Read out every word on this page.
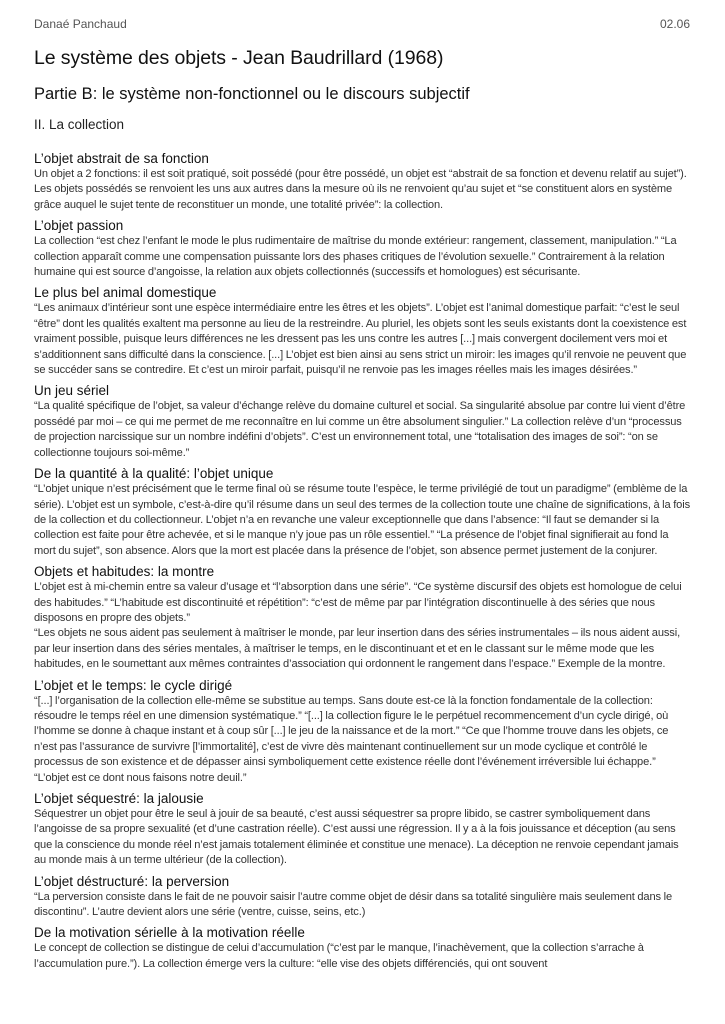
Danaé Panchaud	02.06
Le système des objets - Jean Baudrillard (1968)
Partie B: le système non-fonctionnel ou le discours subjectif
II. La collection
L’objet abstrait de sa fonction

Un objet a 2 fonctions: il est soit pratiqué, soit possédé (pour être possédé, un objet est “abstrait de sa fonction et devenu relatif au sujet”). Les objets possédés se renvoient les uns aux autres dans la mesure où ils ne renvoient qu’au sujet et “se constituent alors en système grâce auquel le sujet tente de reconstituer un monde, une totalité privée”: la collection.

L’objet passion

La collection “est chez l’enfant le mode le plus rudimentaire de maîtrise du monde extérieur: rangement, classement, manipulation.” “La collection apparaît comme une compensation puissante lors des phases critiques de l’évolution sexuelle.” Contrairement à la relation humaine qui est source d’angoisse, la relation aux objets collectionnés (successifs et homologues) est sécurisante.

Le plus bel animal domestique

“Les animaux d’intérieur sont une espèce intermédiaire entre les êtres et les objets”. L’objet est l’animal domestique parfait: “c’est le seul “être” dont les qualités exaltent ma personne au lieu de la restreindre. Au pluriel, les objets sont les seuls existants dont la coexistence est vraiment possible, puisque leurs différences ne les dressent pas les uns contre les autres [...] mais convergent docilement vers moi et s’additionnent sans difficulté dans la conscience. [...] L’objet est bien ainsi au sens strict un miroir: les images qu’il renvoie ne peuvent que se succéder sans se contredire. Et c’est un miroir parfait, puisqu’il ne renvoie pas les images réelles mais les images désirées.”

Un jeu sériel

“La qualité spécifique de l’objet, sa valeur d’échange relève du domaine culturel et social. Sa singularité absolue par contre lui vient d’être possédé par moi – ce qui me permet de me reconnaître en lui comme un être absolument singulier.” La collection relève d’un “processus de projection narcissique sur un nombre indéfini d’objets”. C’est un environnement total, une “totalisation des images de soi”: “on se collectionne toujours soi-même.”

De la quantité à la qualité: l’objet unique

“L’objet unique n’est précisément que le terme final où se résume toute l’espèce, le terme privilégié de tout un paradigme” (emblème de la série). L’objet est un symbole, c’est-à-dire qu’il résume dans un seul des termes de la collection toute une chaîne de significations, à la fois de la collection et du collectionneur. L’objet n’a en revanche une valeur exceptionnelle que dans l’absence: “Il faut se demander si la collection est faite pour être achevée, et si le manque n’y joue pas un rôle essentiel.” “La présence de l’objet final signifierait au fond la mort du sujet”, son absence. Alors que la mort est placée dans la présence de l’objet, son absence permet justement de la conjurer.

Objets et habitudes: la montre

L’objet est à mi-chemin entre sa valeur d’usage et “l’absorption dans une série”. “Ce système discursif des objets est homologue de celui des habitudes.” “L’habitude est discontinuité et répétition”: “c’est de même par par l’intégration discontinuelle à des séries que nous disposons en propre des objets.”

“Les objets ne sous aident pas seulement à maîtriser le monde, par leur insertion dans des séries instrumentales – ils nous aident aussi, par leur insertion dans des séries mentales, à maîtriser le temps, en le discontinuant et et en le classant sur le même mode que les habitudes, en le soumettant aux mêmes contraintes d’association qui ordonnent le rangement dans l’espace.” Exemple de la montre.

L’objet et le temps: le cycle dirigé

“[...] l’organisation de la collection elle-même se substitue au temps. Sans doute est-ce là la fonction fondamentale de la collection: résoudre le temps réel en une dimension systématique.” “[...] la collection figure le le perpétuel recommencement d’un cycle dirigé, où l’homme se donne à chaque instant et à coup sûr [...] le jeu de la naissance et de la mort.” “Ce que l’homme trouve dans les objets, ce n’est pas l’assurance de survivre [l’immortalité], c’est de vivre dès maintenant continuellement sur un mode cyclique et contrôlé le processus de son existence et de dépasser ainsi symboliquement cette existence réelle dont l’événement irréversible lui échappe.” “L’objet est ce dont nous faisons notre deuil.”

L’objet séquestré: la jalousie

Séquestrer un objet pour être le seul à jouir de sa beauté, c’est aussi séquestrer sa propre libido, se castrer symboliquement dans l’angoisse de sa propre sexualité (et d’une castration réelle). C’est aussi une régression. Il y a à la fois jouissance et déception (au sens que la conscience du monde réel n’est jamais totalement éliminée et constitue une menace). La déception ne renvoie cependant jamais au monde mais à un terme ultérieur (de la collection).

L’objet déstructuré: la perversion

“La perversion consiste dans le fait de ne pouvoir saisir l’autre comme objet de désir dans sa totalité singulière mais seulement dans le discontinu”. L’autre devient alors une série (ventre, cuisse, seins, etc.)

De la motivation sérielle à la motivation réelle

Le concept de collection se distingue de celui d’accumulation (“c’est par le manque, l’inachèvement, que la collection s’arrache à l’accumulation pure.”). La collection émerge vers la culture: “elle vise des objets différenciés, qui ont souvent
